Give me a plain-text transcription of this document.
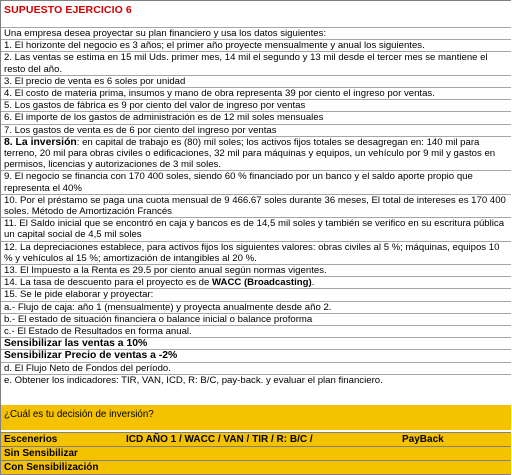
SUPUESTO EJERCICIO 6
Una empresa desea proyectar su plan financiero y usa los datos siguientes:
1. El horizonte del negocio es 3 años; el primer año proyecte mensualmente y anual los siguientes.
2. Las ventas se estima en 15 mil Uds. primer mes, 14 mil el segundo y 13 mil desde el tercer mes se mantiene el resto del año.
3. El precio de venta es 6 soles por unidad
4. El costo de materia prima, insumos y mano de obra representa 39 por ciento el ingreso por ventas.
5. Los gastos de fábrica es 9 por ciento del valor de ingreso por ventas
6. El importe de los gastos de administración es de 12 mil soles mensuales
7. Los gastos de venta es de 6 por ciento del ingreso por ventas
8. La inversión: en capital de trabajo es (80) mil soles; los activos fijos totales se desagregan en: 140 mil para terreno, 20 mil para obras civiles o edificaciones, 32 mil para máquinas y equipos, un vehículo por 9 mil y gastos en permisos, licencias y autorizaciones de 3 mil soles.
9. El negocio se financia con 170 400 soles, siendo 60 % financiado por un banco y el saldo aporte propio que representa el 40%
10. Por el préstamo se paga una cuota mensual de 9 466.67 soles durante 36 meses, El total de intereses es 170 400 soles. Método de Amortización Francés
11. El Saldo inicial que se encontró en caja y bancos es de 14,5 mil soles y también se verifico en su escritura pública un capital social de 4,5 mil soles
12. La depreciaciones establece, para activos fijos los siguientes valores: obras civiles al 5 %; máquinas, equipos 10 % y vehículos al 15 %; amortización de intangibles al 20 %.
13. El Impuesto a la Renta es 29.5 por ciento anual según normas vigentes.
14. La tasa de descuento para el proyecto es de WACC (Broadcasting).
15. Se le pide elaborar y proyectar:
a.- Flujo de caja: año 1 (mensualmente) y proyecta anualmente desde año 2.
b.- El estado de situación financiera o balance inicial o balance proforma
c.- El Estado de Resultados en forma anual.
Sensibilizar las ventas a 10%
Sensibilizar Precio de ventas a -2%
d. El Flujo Neto de Fondos del período.
e. Obtener los indicadores: TIR, VAN, ICD, R: B/C, pay-back. y evaluar el plan financiero.
¿Cuál es tu decisión de inversión?
Escenerios	ICD AÑO 1 / WACC / VAN / TIR / R: B/C /	PayBack
Sin Sensibilizar
Con Sensibilización
